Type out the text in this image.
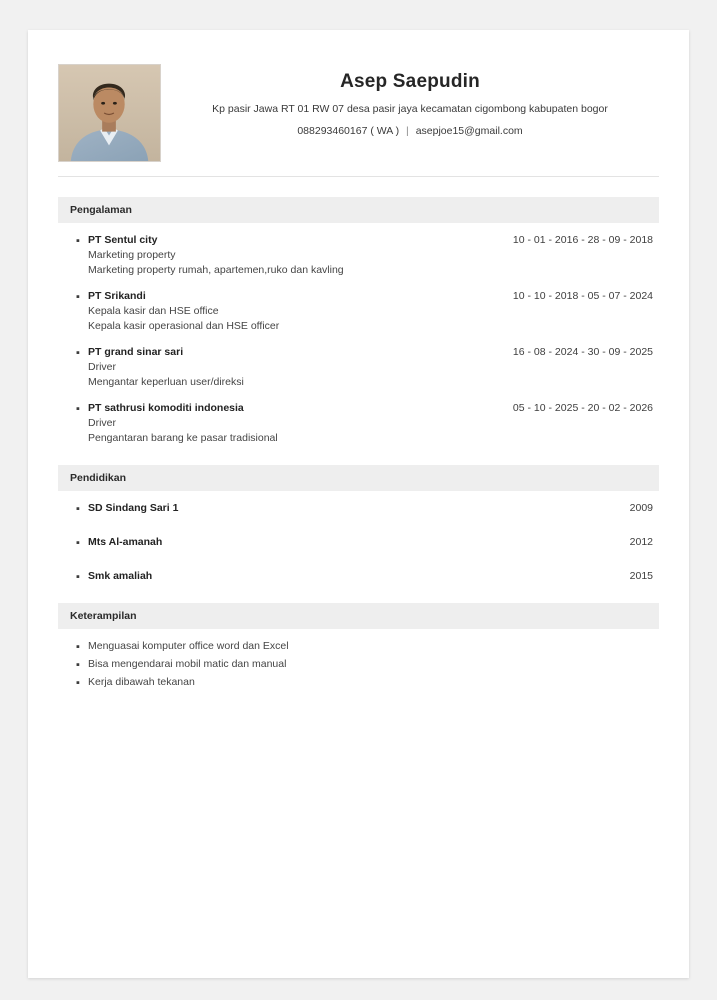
Asep Saepudin
Kp pasir Jawa RT 01 RW 07 desa pasir jaya kecamatan cigombong kabupaten bogor
088293460167 ( WA ) | asepjoe15@gmail.com
Pengalaman
▪ PT Sentul city
Marketing property
Marketing property rumah, apartemen,ruko dan kavling
10 - 01 - 2016 - 28 - 09 - 2018
▪ PT Srikandi
Kepala kasir dan HSE office
Kepala kasir operasional dan HSE officer
10 - 10 - 2018 - 05 - 07 - 2024
▪ PT grand sinar sari
Driver
Mengantar keperluan user/direksi
16 - 08 - 2024 - 30 - 09 - 2025
▪ PT sathrusi komoditi indonesia
Driver
Pengantaran barang ke pasar tradisional
05 - 10 - 2025 - 20 - 02 - 2026
Pendidikan
▪ SD Sindang Sari 1	2009
▪ Mts Al-amanah	2012
▪ Smk amaliah	2015
Keterampilan
▪ Menguasai komputer office word dan Excel
▪ Bisa mengendarai mobil matic dan manual
▪ Kerja dibawah tekanan
